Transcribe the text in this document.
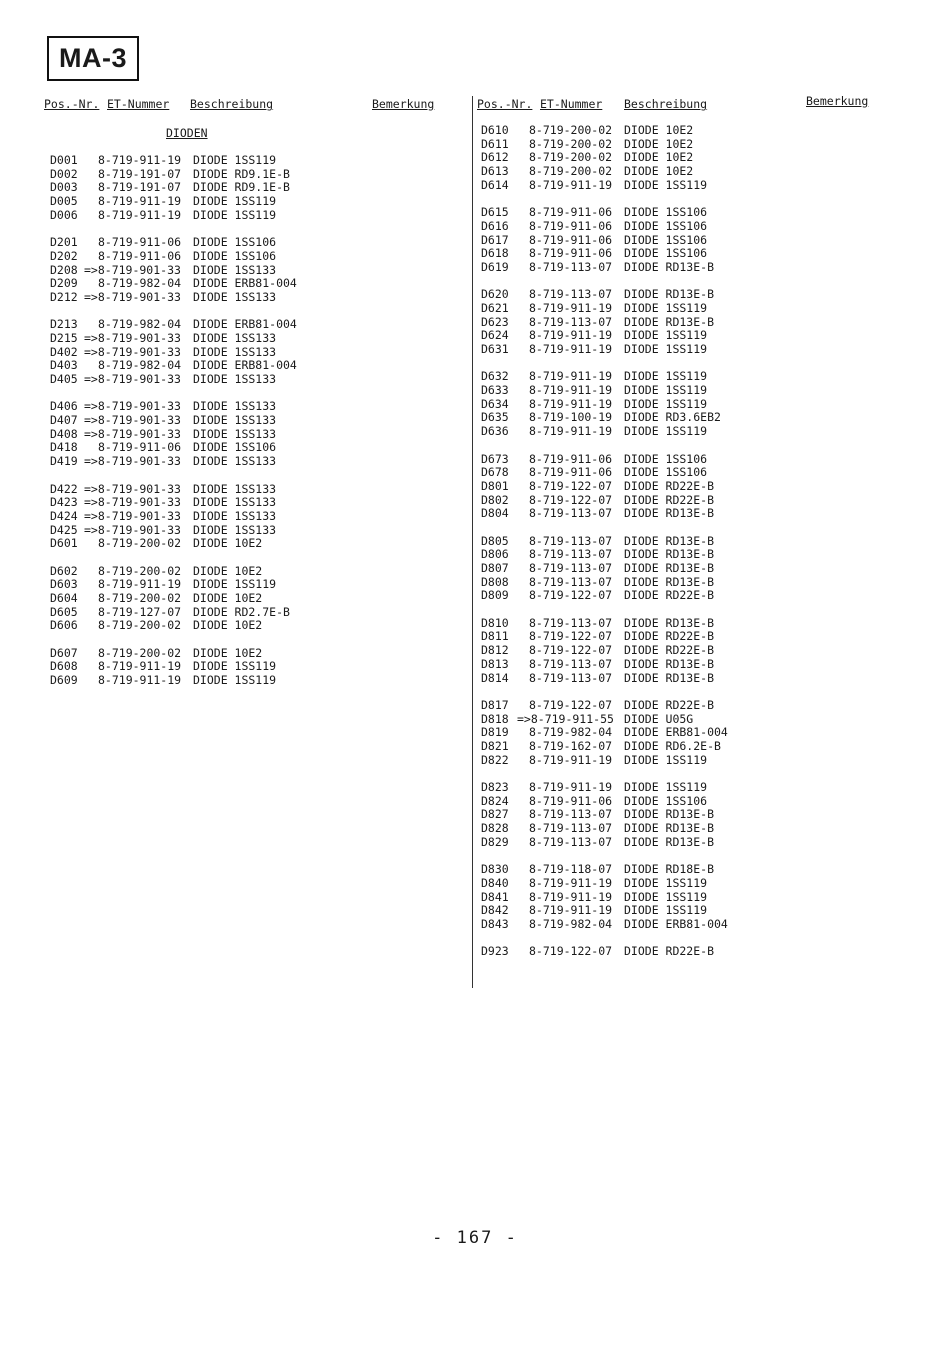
MA-3
Pos.-Nr. ET-Nummer Beschreibung	Bemerkung	Pos.-Nr. ET-Nummer Beschreibung	Bemerkung
DIODEN
D001 8-719-911-19 DIODE 1SS119
D002 8-719-191-07 DIODE RD9.1E-B
D003 8-719-191-07 DIODE RD9.1E-B
D005 8-719-911-19 DIODE 1SS119
D006 8-719-911-19 DIODE 1SS119
D201 8-719-911-06 DIODE 1SS106
D202 8-719-911-06 DIODE 1SS106
D208 =>8-719-901-33 DIODE 1SS133
D209 8-719-982-04 DIODE ERB81-004
D212 =>8-719-901-33 DIODE 1SS133
D213 8-719-982-04 DIODE ERB81-004
D215 =>8-719-901-33 DIODE 1SS133
D402 =>8-719-901-33 DIODE 1SS133
D403 8-719-982-04 DIODE ERB81-004
D405 =>8-719-901-33 DIODE 1SS133
D406 =>8-719-901-33 DIODE 1SS133
D407 =>8-719-901-33 DIODE 1SS133
D408 =>8-719-901-33 DIODE 1SS133
D418 8-719-911-06 DIODE 1SS106
D419 =>8-719-901-33 DIODE 1SS133
D422 =>8-719-901-33 DIODE 1SS133
D423 =>8-719-901-33 DIODE 1SS133
D424 =>8-719-901-33 DIODE 1SS133
D425 =>8-719-901-33 DIODE 1SS133
D601 8-719-200-02 DIODE 10E2
D602 8-719-200-02 DIODE 10E2
D603 8-719-911-19 DIODE 1SS119
D604 8-719-200-02 DIODE 10E2
D605 8-719-127-07 DIODE RD2.7E-B
D606 8-719-200-02 DIODE 10E2
D607 8-719-200-02 DIODE 10E2
D608 8-719-911-19 DIODE 1SS119
D609 8-719-911-19 DIODE 1SS119
D610 8-719-200-02 DIODE 10E2
D611 8-719-200-02 DIODE 10E2
D612 8-719-200-02 DIODE 10E2
D613 8-719-200-02 DIODE 10E2
D614 8-719-911-19 DIODE 1SS119
D615 8-719-911-06 DIODE 1SS106
D616 8-719-911-06 DIODE 1SS106
D617 8-719-911-06 DIODE 1SS106
D618 8-719-911-06 DIODE 1SS106
D619 8-719-113-07 DIODE RD13E-B
D620 8-719-113-07 DIODE RD13E-B
D621 8-719-911-19 DIODE 1SS119
D623 8-719-113-07 DIODE RD13E-B
D624 8-719-911-19 DIODE 1SS119
D631 8-719-911-19 DIODE 1SS119
D632 8-719-911-19 DIODE 1SS119
D633 8-719-911-19 DIODE 1SS119
D634 8-719-911-19 DIODE 1SS119
D635 8-719-100-19 DIODE RD3.6EB2
D636 8-719-911-19 DIODE 1SS119
D673 8-719-911-06 DIODE 1SS106
D678 8-719-911-06 DIODE 1SS106
D801 8-719-122-07 DIODE RD22E-B
D802 8-719-122-07 DIODE RD22E-B
D804 8-719-113-07 DIODE RD13E-B
D805 8-719-113-07 DIODE RD13E-B
D806 8-719-113-07 DIODE RD13E-B
D807 8-719-113-07 DIODE RD13E-B
D808 8-719-113-07 DIODE RD13E-B
D809 8-719-122-07 DIODE RD22E-B
D810 8-719-113-07 DIODE RD13E-B
D811 8-719-122-07 DIODE RD22E-B
D812 8-719-122-07 DIODE RD22E-B
D813 8-719-113-07 DIODE RD13E-B
D814 8-719-113-07 DIODE RD13E-B
D817 8-719-122-07 DIODE RD22E-B
D818 =>8-719-911-55 DIODE U05G
D819 8-719-982-04 DIODE ERB81-004
D821 8-719-162-07 DIODE RD6.2E-B
D822 8-719-911-19 DIODE 1SS119
D823 8-719-911-19 DIODE 1SS119
D824 8-719-911-06 DIODE 1SS106
D827 8-719-113-07 DIODE RD13E-B
D828 8-719-113-07 DIODE RD13E-B
D829 8-719-113-07 DIODE RD13E-B
D830 8-719-118-07 DIODE RD18E-B
D840 8-719-911-19 DIODE 1SS119
D841 8-719-911-19 DIODE 1SS119
D842 8-719-911-19 DIODE 1SS119
D843 8-719-982-04 DIODE ERB81-004
D923 8-719-122-07 DIODE RD22E-B
- 167 -
